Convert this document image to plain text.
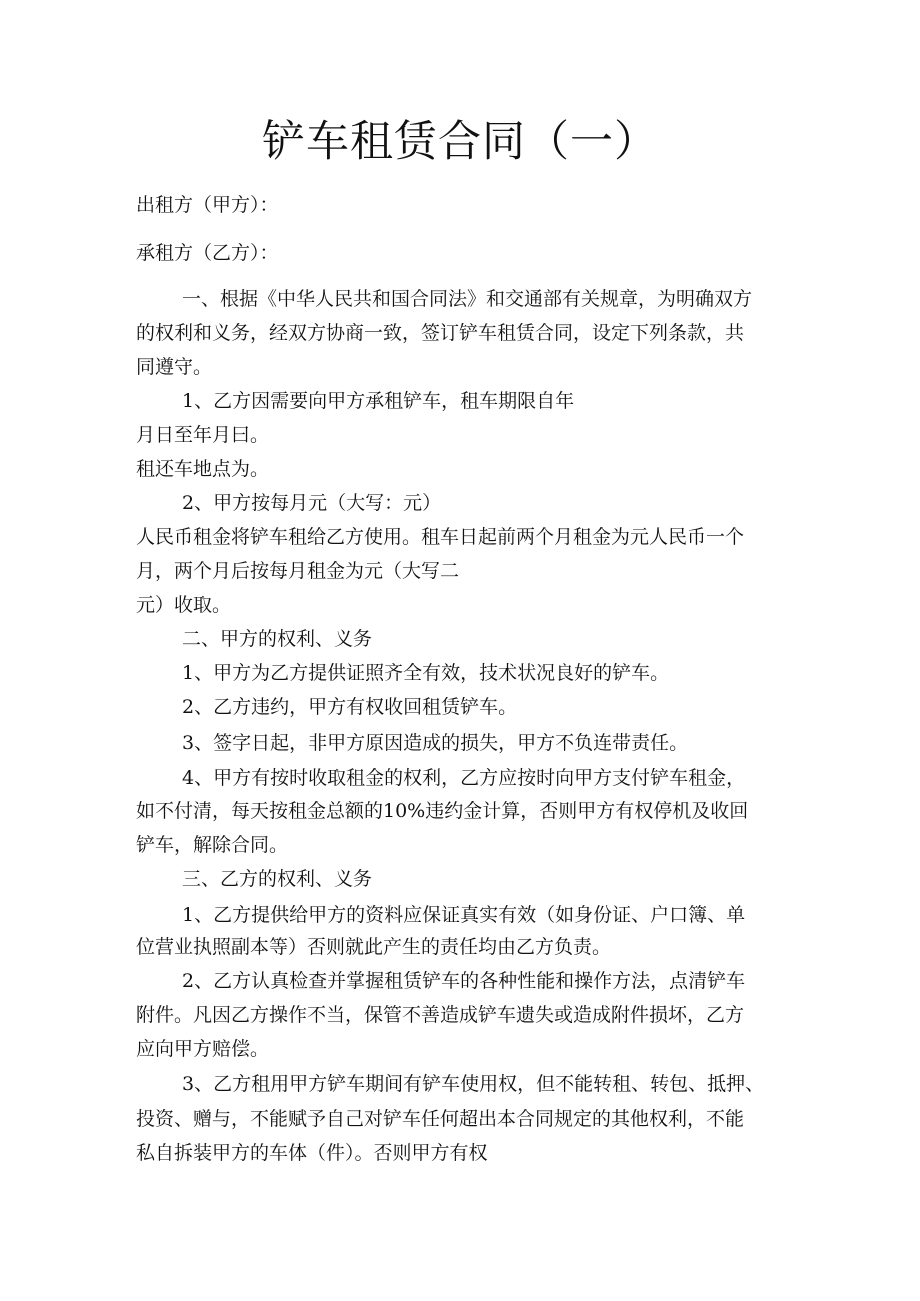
铲车租赁合同（一）

出租方（甲方）：

承租方（乙方）：

一、根据《中华人民共和国合同法》和交通部有关规章，为明确双方

的权利和义务，经双方协商一致，签订铲车租赁合同，设定下列条款，共

同遵守。

1、乙方因需要向甲方承租铲车，租车期限自年

月日至年月曰。

租还车地点为。

2、甲方按每月元（大写：元）

人民币租金将铲车租给乙方使用。租车日起前两个月租金为元人民币一个

月，两个月后按每月租金为元（大写二

元）收取。

二、甲方的权利、义务

1、甲方为乙方提供证照齐全有效，技术状况良好的铲车。

2、乙方违约，甲方有权收回租赁铲车。

3、签字日起，非甲方原因造成的损失，甲方不负连带责任。

4、甲方有按时收取租金的权利，乙方应按时向甲方支付铲车租金，

如不付清，每天按租金总额的10%违约金计算，否则甲方有权停机及收回

铲车，解除合同。

三、乙方的权利、义务

1、乙方提供给甲方的资料应保证真实有效（如身份证、户口簿、单

位营业执照副本等）否则就此产生的责任均由乙方负责。

2、乙方认真检查并掌握租赁铲车的各种性能和操作方法，点清铲车

附件。凡因乙方操作不当，保管不善造成铲车遗失或造成附件损坏，乙方

应向甲方赔偿。

3、乙方租用甲方铲车期间有铲车使用权，但不能转租、转包、抵押、

投资、赠与，不能赋予自己对铲车任何超出本合同规定的其他权利，不能

私自拆装甲方的车体（件）。否则甲方有权
